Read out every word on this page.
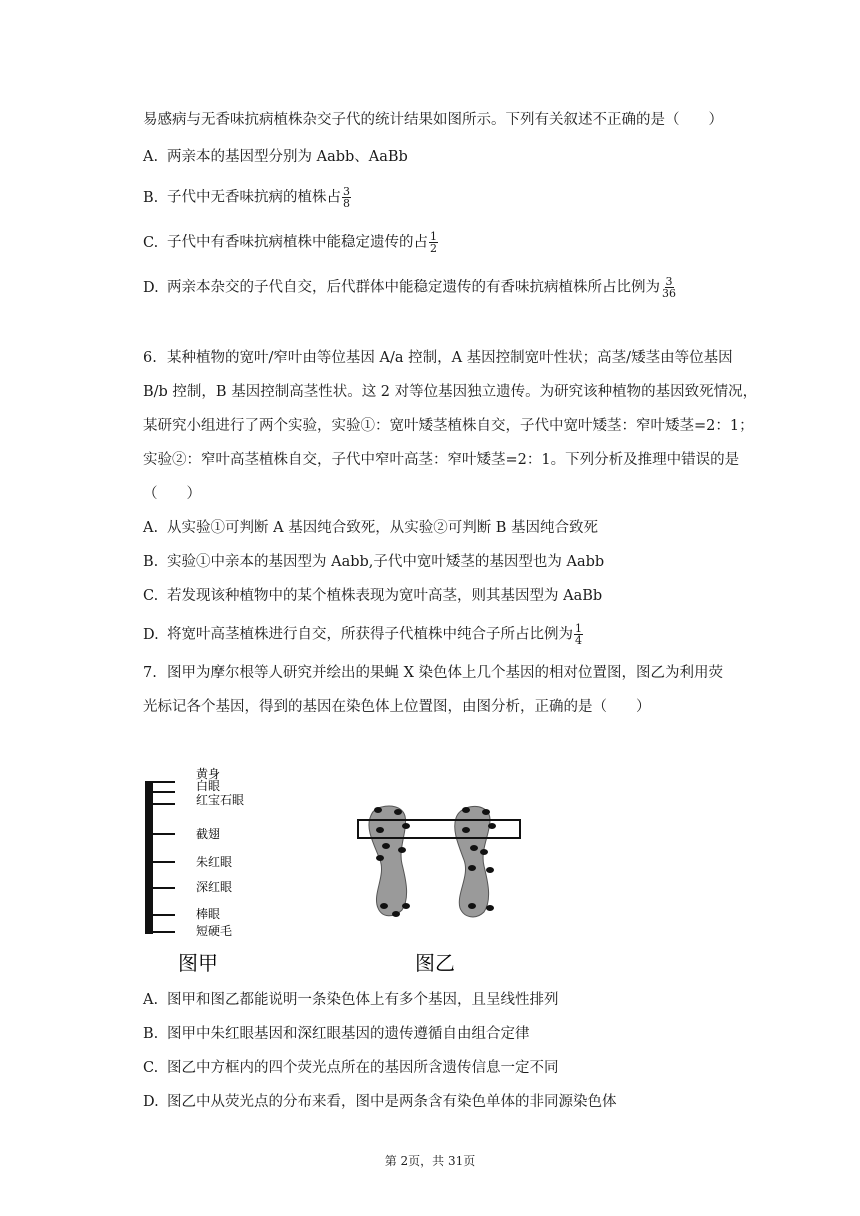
易感病与无香味抗病植株杂交子代的统计结果如图所示。下列有关叙述不正确的是（　　）
A. 两亲本的基因型分别为 Aabb、AaBb
B. 子代中无香味抗病的植株占 $\frac{3}{8}$
C. 子代中有香味抗病植株中能稳定遗传的占 $\frac{1}{2}$
D. 两亲本杂交的子代自交，后代群体中能稳定遗传的有香味抗病植株所占比例为 $\frac{3}{36}$
6. 某种植物的宽叶/窄叶由等位基因 A/a 控制，A 基因控制宽叶性状；高茎/矮茎由等位基因
B/b 控制，B 基因控制高茎性状。这 2 对等位基因独立遗传。为研究该种植物的基因致死情况，
某研究小组进行了两个实验，实验①：宽叶矮茎植株自交，子代中宽叶矮茎：窄叶矮茎=2：1；
实验②：窄叶高茎植株自交，子代中窄叶高茎：窄叶矮茎=2：1。下列分析及推理中错误的是
（　　）
A. 从实验①可判断 A 基因纯合致死，从实验②可判断 B 基因纯合致死
B. 实验①中亲本的基因型为 Aabb,子代中宽叶矮茎的基因型也为 Aabb
C. 若发现该种植物中的某个植株表现为宽叶高茎，则其基因型为 AaBb
D. 将宽叶高茎植株进行自交，所获得子代植株中纯合子所占比例为 $\frac{1}{4}$
7. 图甲为摩尔根等人研究并绘出的果蝇 X 染色体上几个基因的相对位置图，图乙为利用荧
光标记各个基因，得到的基因在染色体上位置图，由图分析，正确的是（　　）
黄身
白眼
红宝石眼
截翅
朱红眼
深红眼
棒眼
短硬毛
图甲	图乙
A. 图甲和图乙都能说明一条染色体上有多个基因，且呈线性排列
B. 图甲中朱红眼基因和深红眼基因的遗传遵循自由组合定律
C. 图乙中方框内的四个荧光点所在的基因所含遗传信息一定不同
D. 图乙中从荧光点的分布来看，图中是两条含有染色单体的非同源染色体
第 2页，共 31页
